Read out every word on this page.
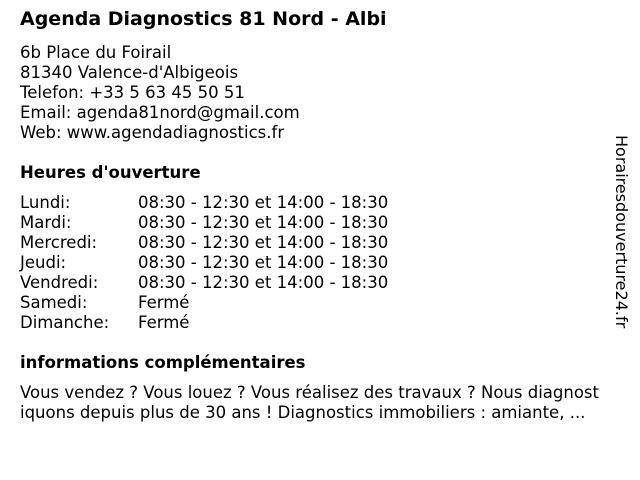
Agenda Diagnostics 81 Nord - Albi
6b Place du Foirail
81340 Valence-d'Albigeois
Telefon: +33 5 63 45 50 51
Email: agenda81nord@gmail.com
Web: www.agendadiagnostics.fr
Heures d'ouverture
Lundi:	08:30 - 12:30 et 14:00 - 18:30
Mardi:	08:30 - 12:30 et 14:00 - 18:30
Mercredi: 08:30 - 12:30 et 14:00 - 18:30
Jeudi:	08:30 - 12:30 et 14:00 - 18:30
Vendredi: 08:30 - 12:30 et 14:00 - 18:30
Samedi:	Fermé
Dimanche: Fermé
informations complémentaires
Vous vendez ? Vous louez ? Vous réalisez des travaux ? Nous diagnost
iquons depuis plus de 30 ans ! Diagnostics immobiliers : amiante, ...
Horairesdouverture24.fr
